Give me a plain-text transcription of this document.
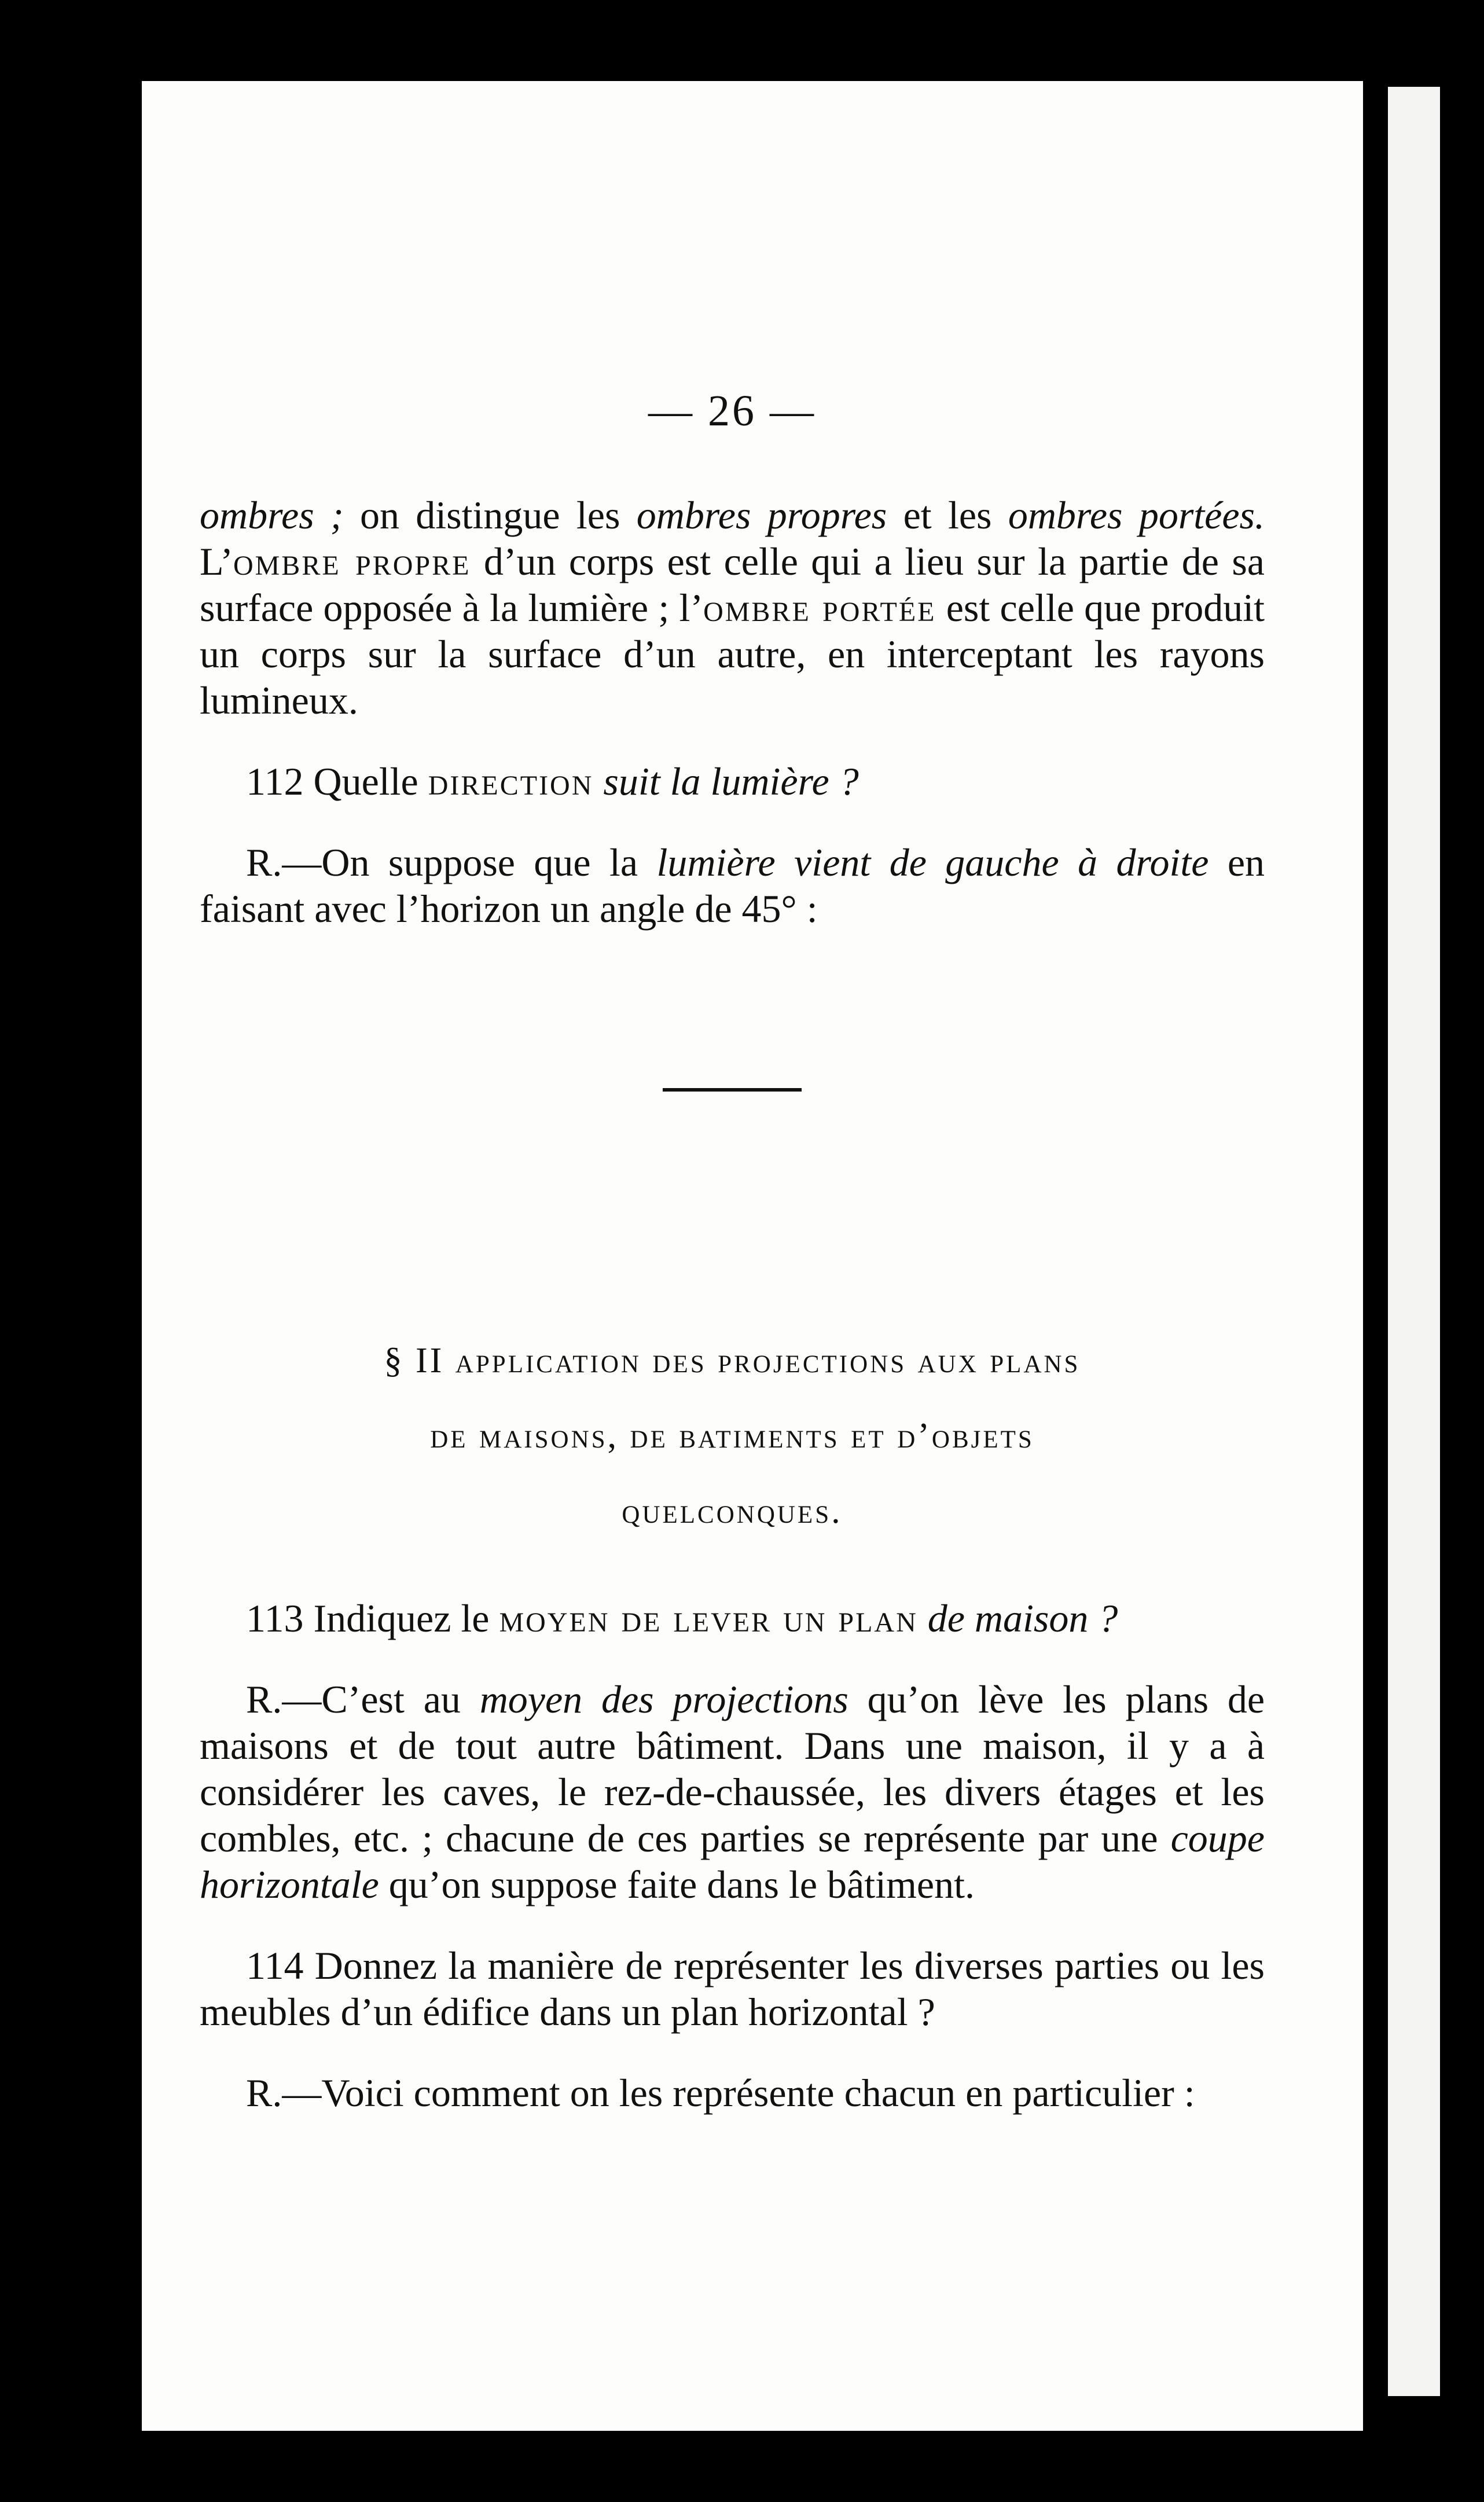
— 26 —

ombres ; on distingue les ombres propres et les ombres portées. L’ombre propre d’un corps est celle qui a lieu sur la partie de sa surface opposée à la lumière ; l’ombre portée est celle que produit un corps sur la surface d’un autre, en interceptant les rayons lumineux.

112 Quelle direction suit la lumière ?

R.—On suppose que la lumière vient de gauche à droite en faisant avec l’horizon un angle de 45° :

§ II application des projections aux plans
de maisons, de batiments et d’objets
quelconques.

113 Indiquez le moyen de lever un plan de maison ?

R.—C’est au moyen des projections qu’on lève les plans de maisons et de tout autre bâtiment. Dans une maison, il y a à considérer les caves, le rez-de-chaussée, les divers étages et les combles, etc. ; chacune de ces parties se représente par une coupe horizontale qu’on suppose faite dans le bâtiment.

114 Donnez la manière de représenter les diverses parties ou les meubles d’un édifice dans un plan horizontal ?

R.—Voici comment on les représente chacun en particulier :
